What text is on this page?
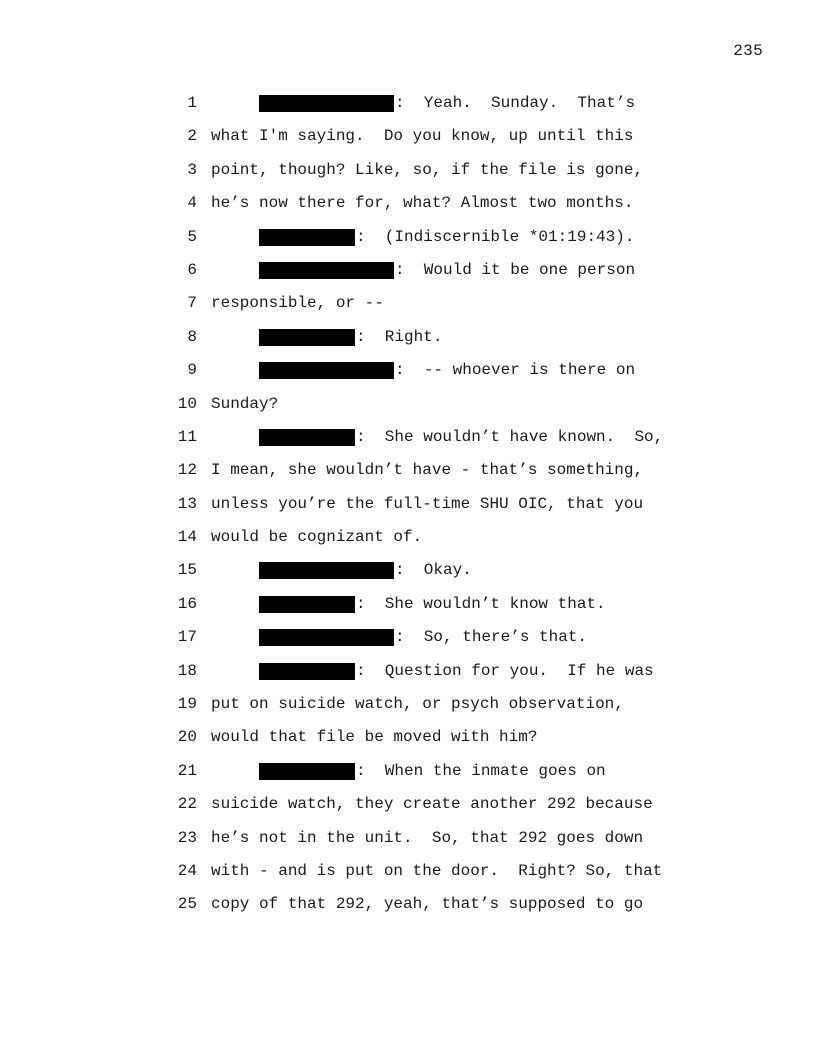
235
1	:  Yeah.  Sunday.  That’s
2 what I'm saying.  Do you know, up until this
3 point, though? Like, so, if the file is gone,
4 he’s now there for, what? Almost two months.
5	:  (Indiscernible *01:19:43).
6	:  Would it be one person
7 responsible, or --
8	:  Right.
9	:  -- whoever is there on
10 Sunday?
11	:  She wouldn’t have known.  So,
12 I mean, she wouldn’t have - that’s something,
13 unless you’re the full-time SHU OIC, that you
14 would be cognizant of.
15	:  Okay.
16	:  She wouldn’t know that.
17	:  So, there’s that.
18	:  Question for you.  If he was
19 put on suicide watch, or psych observation,
20 would that file be moved with him?
21	:  When the inmate goes on
22 suicide watch, they create another 292 because
23 he’s not in the unit.  So, that 292 goes down
24 with - and is put on the door.  Right? So, that
25 copy of that 292, yeah, that’s supposed to go
